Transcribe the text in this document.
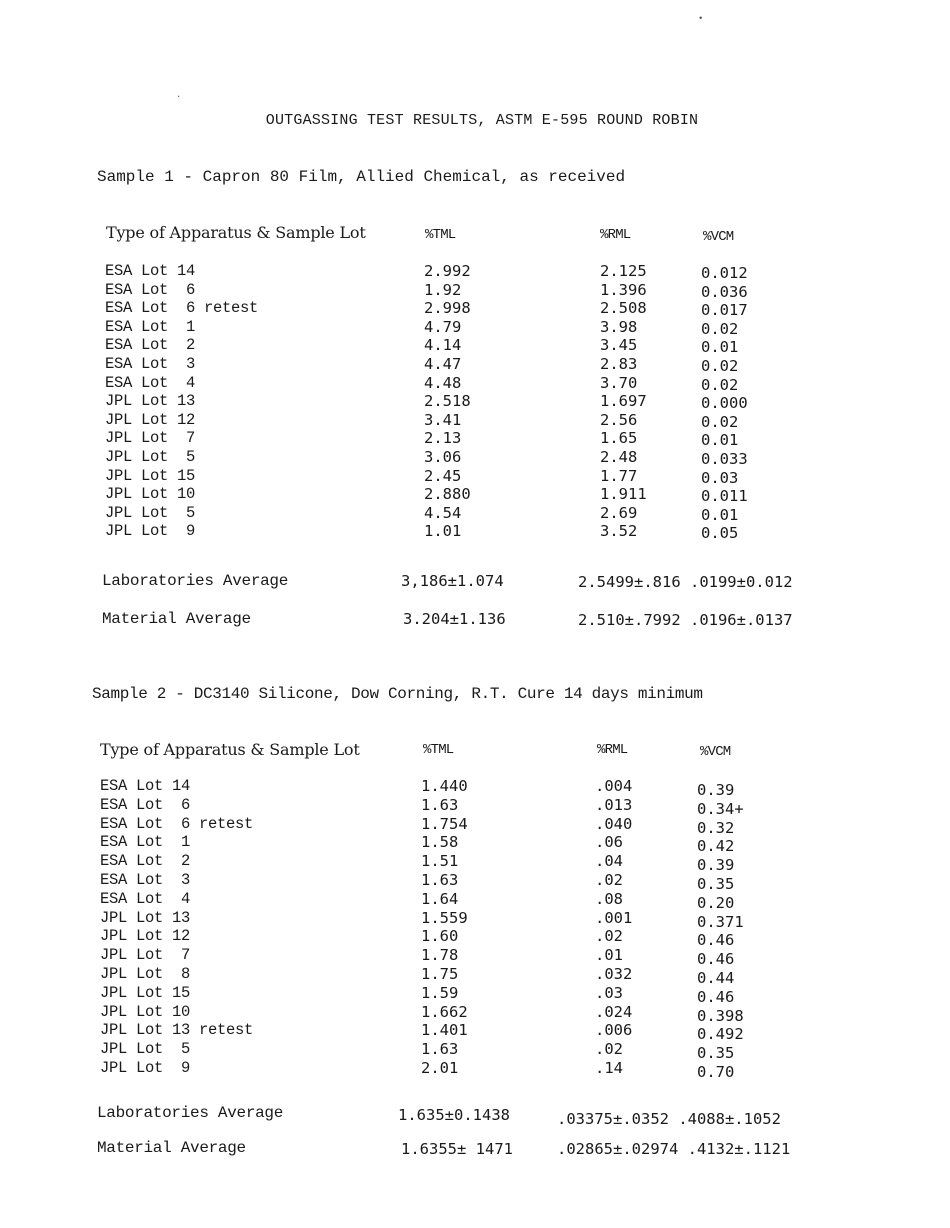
•
·
OUTGASSING TEST RESULTS, ASTM E-595 ROUND ROBIN
Sample 1 - Capron 80 Film, Allied Chemical, as received
Type of Apparatus & Sample Lot	%TML	%RML	%VCM
ESA Lot 14	2.992	2.125	0.012
ESA Lot  6	1.92	1.396	0.036
ESA Lot  6 retest	2.998	2.508	0.017
ESA Lot  1	4.79	3.98	0.02
ESA Lot  2	4.14	3.45	0.01
ESA Lot  3	4.47	2.83	0.02
ESA Lot  4	4.48	3.70	0.02
JPL Lot 13	2.518	1.697	0.000
JPL Lot 12	3.41	2.56	0.02
JPL Lot  7	2.13	1.65	0.01
JPL Lot  5	3.06	2.48	0.033
JPL Lot 15	2.45	1.77	0.03
JPL Lot 10	2.880	1.911	0.011
JPL Lot  5	4.54	2.69	0.01
JPL Lot  9	1.01	3.52	0.05
Laboratories Average	3,186±1.074	2.5499±.816 .0199±0.012
Material Average	3.204±1.136	2.510±.7992 .0196±.0137
Sample 2 - DC3140 Silicone, Dow Corning, R.T. Cure 14 days minimum
Type of Apparatus & Sample Lot	%TML	%RML	%VCM
ESA Lot 14	1.440	.004	0.39
ESA Lot  6	1.63	.013	0.34+
ESA Lot  6 retest	1.754	.040	0.32
ESA Lot  1	1.58	.06	0.42
ESA Lot  2	1.51	.04	0.39
ESA Lot  3	1.63	.02	0.35
ESA Lot  4	1.64	.08	0.20
JPL Lot 13	1.559	.001	0.371
JPL Lot 12	1.60	.02	0.46
JPL Lot  7	1.78	.01	0.46
JPL Lot  8	1.75	.032	0.44
JPL Lot 15	1.59	.03	0.46
JPL Lot 10	1.662	.024	0.398
JPL Lot 13 retest	1.401	.006	0.492
JPL Lot  5	1.63	.02	0.35
JPL Lot  9	2.01	.14	0.70
Laboratories Average	1.635±0.1438	.03375±.0352 .4088±.1052
Material Average	1.6355± 1471	.02865±.02974 .4132±.1121
